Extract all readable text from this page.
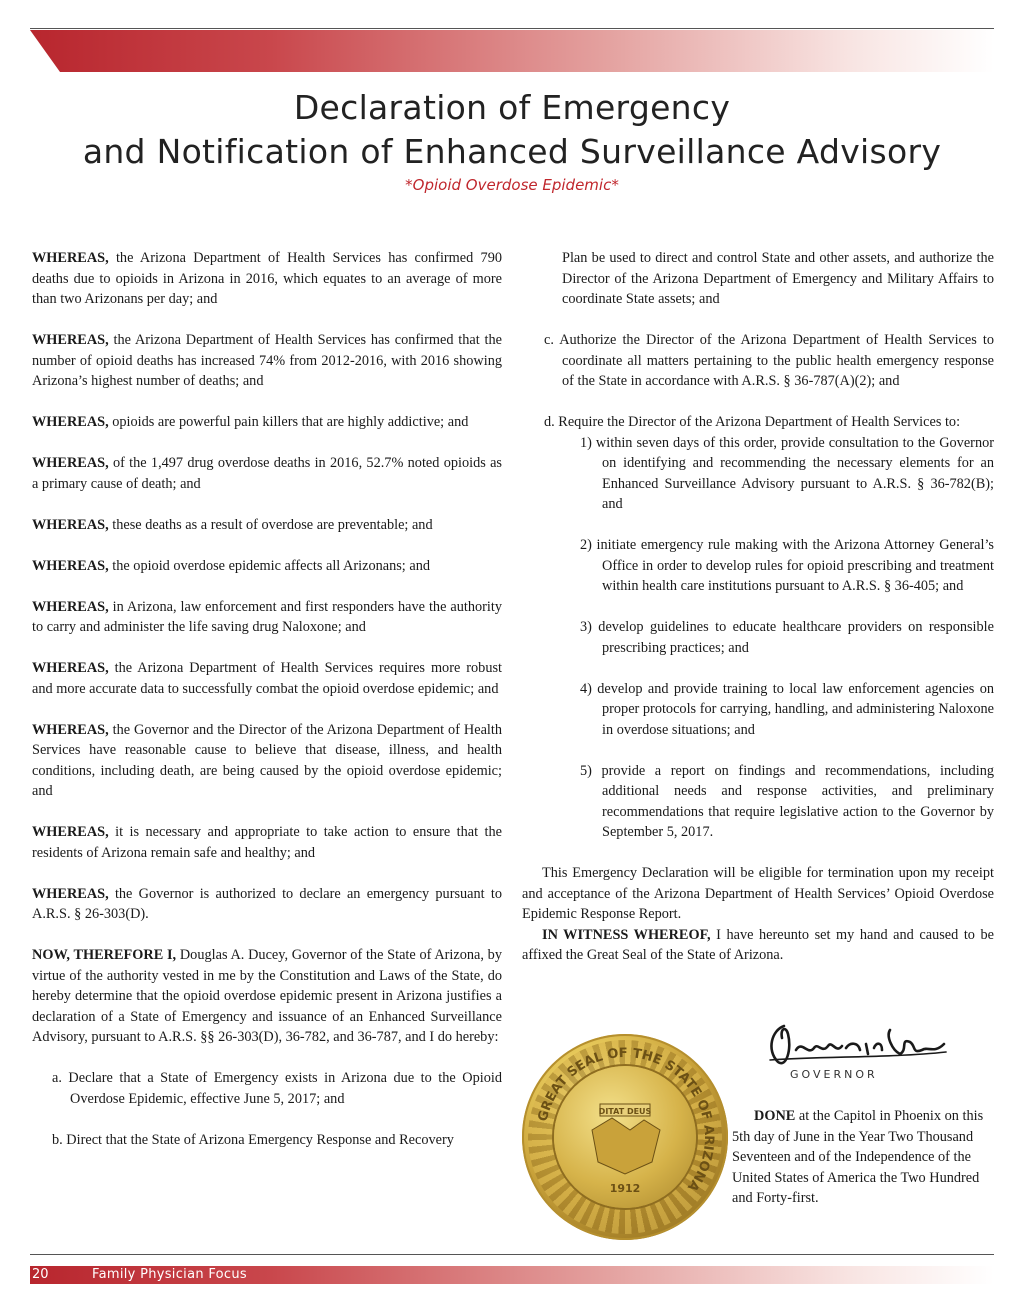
Declaration of Emergency
and Notification of Enhanced Surveillance Advisory
*Opioid Overdose Epidemic*

WHEREAS, the Arizona Department of Health Services has confirmed 790 deaths due to opioids in Arizona in 2016, which equates to an average of more than two Arizonans per day; and

WHEREAS, the Arizona Department of Health Services has confirmed that the number of opioid deaths has increased 74% from 2012-2016, with 2016 showing Arizona’s highest number of deaths; and

WHEREAS, opioids are powerful pain killers that are highly addictive; and

WHEREAS, of the 1,497 drug overdose deaths in 2016, 52.7% noted opioids as a primary cause of death; and

WHEREAS, these deaths as a result of overdose are preventable; and

WHEREAS, the opioid overdose epidemic affects all Arizonans; and

WHEREAS, in Arizona, law enforcement and first responders have the authority to carry and administer the life saving drug Naloxone; and

WHEREAS, the Arizona Department of Health Services requires more robust and more accurate data to successfully combat the opioid overdose epidemic; and

WHEREAS, the Governor and the Director of the Arizona Department of Health Services have reasonable cause to believe that disease, illness, and health conditions, including death, are being caused by the opioid overdose epidemic; and

WHEREAS, it is necessary and appropriate to take action to ensure that the residents of Arizona remain safe and healthy; and

WHEREAS, the Governor is authorized to declare an emergency pursuant to A.R.S. § 26-303(D).

NOW, THEREFORE I, Douglas A. Ducey, Governor of the State of Arizona, by virtue of the authority vested in me by the Constitution and Laws of the State, do hereby determine that the opioid overdose epidemic present in Arizona justifies a declaration of a State of Emergency and issuance of an Enhanced Surveillance Advisory, pursuant to A.R.S. §§ 26-303(D), 36-782, and 36-787, and I do hereby:

a. Declare that a State of Emergency exists in Arizona due to the Opioid Overdose Epidemic, effective June 5, 2017; and

b. Direct that the State of Arizona Emergency Response and Recovery

Plan be used to direct and control State and other assets, and authorize the Director of the Arizona Department of Emergency and Military Affairs to coordinate State assets; and

c. Authorize the Director of the Arizona Department of Health Services to coordinate all matters pertaining to the public health emergency response of the State in accordance with A.R.S. § 36-787(A)(2); and

d. Require the Director of the Arizona Department of Health Services to:

1) within seven days of this order, provide consultation to the Governor on identifying and recommending the necessary elements for an Enhanced Surveillance Advisory pursuant to A.R.S. § 36-782(B); and

2) initiate emergency rule making with the Arizona Attorney General’s Office in order to develop rules for opioid prescribing and treatment within health care institutions pursuant to A.R.S. § 36-405; and

3) develop guidelines to educate healthcare providers on responsible prescribing practices; and

4) develop and provide training to local law enforcement agencies on proper protocols for carrying, handling, and administering Naloxone in overdose situations; and

5) provide a report on findings and recommendations, including additional needs and response activities, and preliminary recommendations that require legislative action to the Governor by September 5, 2017.

This Emergency Declaration will be eligible for termination upon my receipt and acceptance of the Arizona Department of Health Services’ Opioid Overdose Epidemic Response Report.

IN WITNESS WHEREOF, I have hereunto set my hand and caused to be affixed the Great Seal of the State of Arizona.

GREAT SEAL OF THE STATE OF ARIZONA
DITAT DEUS
1912
GOVERNOR
DONE at the Capitol in Phoenix on this 5th day of June in the Year Two Thousand Seventeen and of the Independence of the United States of America the Two Hundred and Forty-first.
20	Family Physician Focus
